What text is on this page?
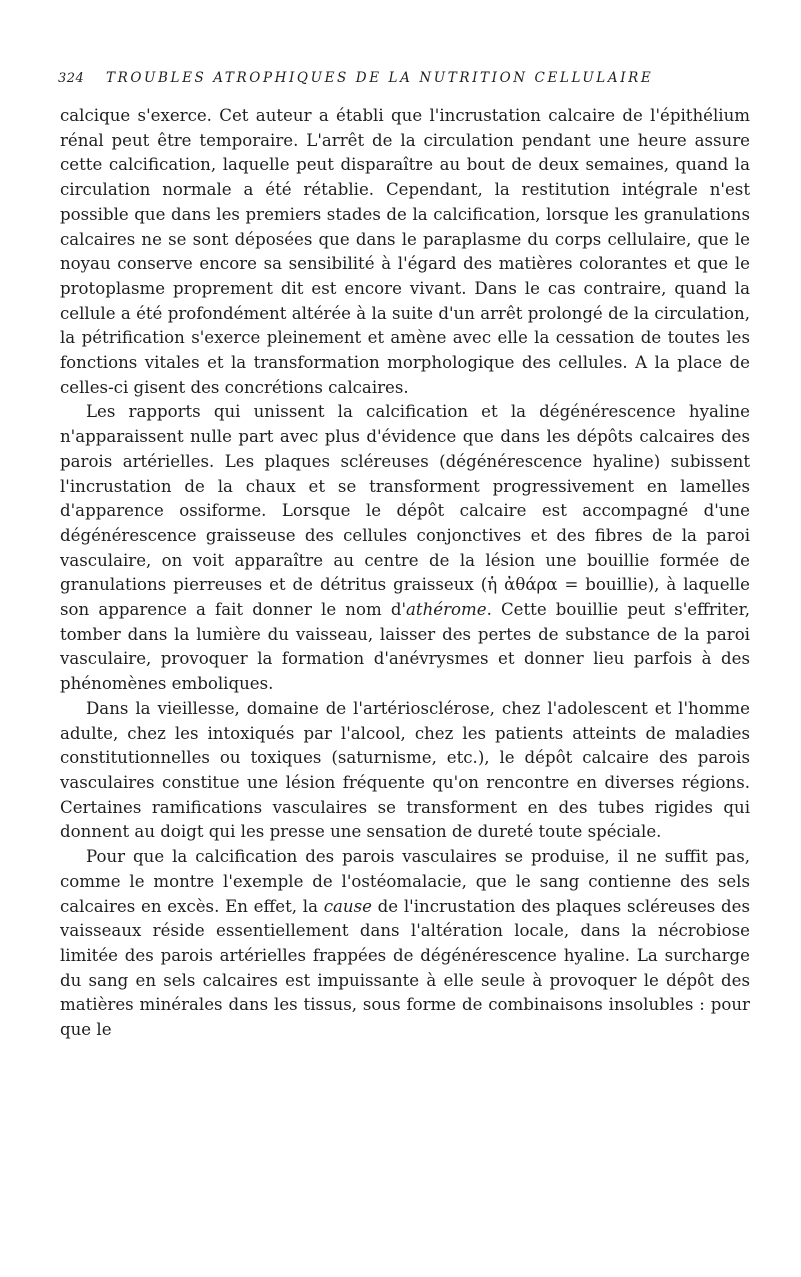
324	TROUBLES ATROPHIQUES DE LA NUTRITION CELLULAIRE

calcique s'exerce. Cet auteur a établi que l'incrustation calcaire de l'épithélium rénal peut être temporaire. L'arrêt de la circulation pendant une heure assure cette calcification, laquelle peut disparaître au bout de deux semaines, quand la circulation normale a été rétablie. Cependant, la restitution intégrale n'est possible que dans les premiers stades de la calcification, lorsque les granulations calcaires ne se sont déposées que dans le paraplasme du corps cellulaire, que le noyau conserve encore sa sensibilité à l'égard des matières colorantes et que le protoplasme proprement dit est encore vivant. Dans le cas contraire, quand la cellule a été profondément altérée à la suite d'un arrêt prolongé de la circulation, la pétrification s'exerce pleinement et amène avec elle la cessation de toutes les fonctions vitales et la transformation morphologique des cellules. A la place de celles-ci gisent des concrétions calcaires.

Les rapports qui unissent la calcification et la dégénérescence hyaline n'apparaissent nulle part avec plus d'évidence que dans les dépôts calcaires des parois artérielles. Les plaques scléreuses (dégénérescence hyaline) subissent l'incrustation de la chaux et se transforment progressivement en lamelles d'apparence ossiforme. Lorsque le dépôt calcaire est accompagné d'une dégénérescence graisseuse des cellules conjonctives et des fibres de la paroi vasculaire, on voit apparaître au centre de la lésion une bouillie formée de granulations pierreuses et de détritus graisseux (ἡ ἀθάρα = bouillie), à laquelle son apparence a fait donner le nom d'athérome. Cette bouillie peut s'effriter, tomber dans la lumière du vaisseau, laisser des pertes de substance de la paroi vasculaire, provoquer la formation d'anévrysmes et donner lieu parfois à des phénomènes emboliques.

Dans la vieillesse, domaine de l'artériosclérose, chez l'adolescent et l'homme adulte, chez les intoxiqués par l'alcool, chez les patients atteints de maladies constitutionnelles ou toxiques (saturnisme, etc.), le dépôt calcaire des parois vasculaires constitue une lésion fréquente qu'on rencontre en diverses régions. Certaines ramifications vasculaires se transforment en des tubes rigides qui donnent au doigt qui les presse une sensation de dureté toute spéciale.

Pour que la calcification des parois vasculaires se produise, il ne suffit pas, comme le montre l'exemple de l'ostéomalacie, que le sang contienne des sels calcaires en excès. En effet, la cause de l'incrustation des plaques scléreuses des vaisseaux réside essentiellement dans l'altération locale, dans la nécrobiose limitée des parois artérielles frappées de dégénérescence hyaline. La surcharge du sang en sels calcaires est impuissante à elle seule à provoquer le dépôt des matières minérales dans les tissus, sous forme de combinaisons insolubles : pour que le
